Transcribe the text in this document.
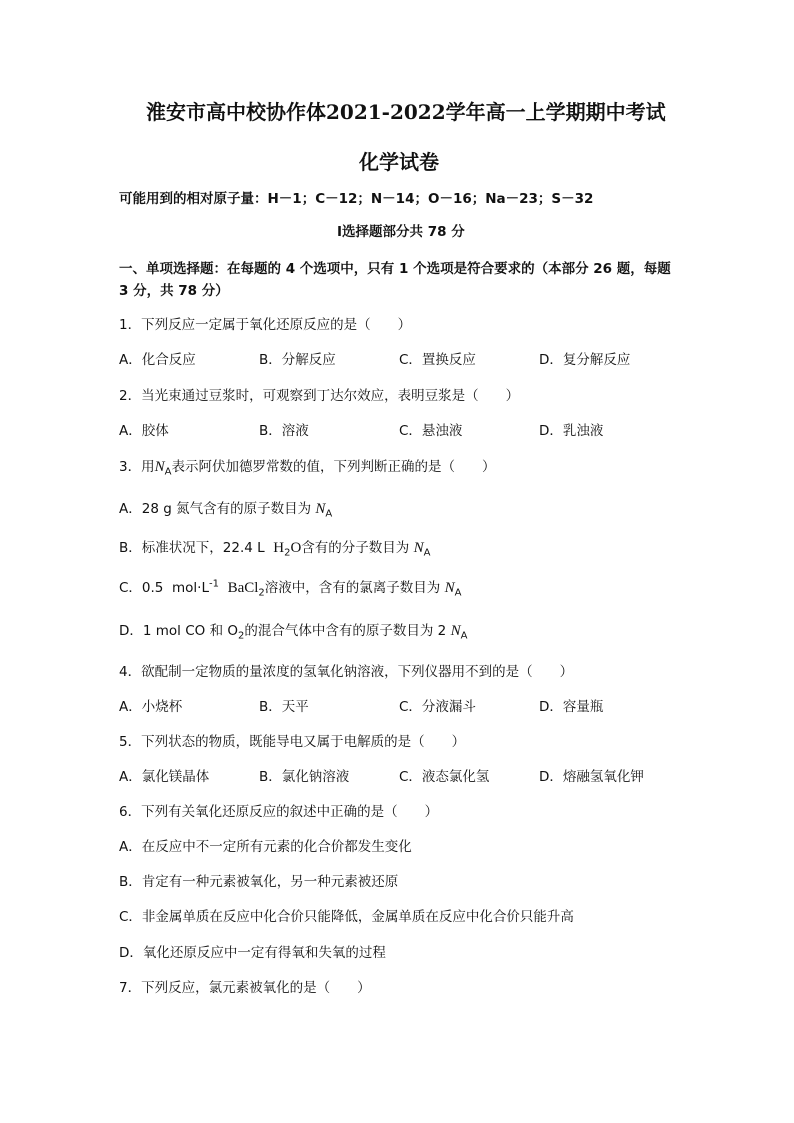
淮安市高中校协作体2021-2022学年高一上学期期中考试
化学试卷
可能用到的相对原子量：H－1；C－12；N－14；O－16；Na－23；S－32
Ⅰ选择题部分共 78 分
一、单项选择题：在每题的 4 个选项中，只有 1 个选项是符合要求的（本部分 26 题，每题
3 分，共 78 分）
1．下列反应一定属于氧化还原反应的是（　　）
A．化合反应	B．分解反应	C．置换反应	D．复分解反应
2．当光束通过豆浆时，可观察到丁达尔效应，表明豆浆是（　　）
A．胶体	B．溶液	C．悬浊液	D．乳浊液
3．用$N_A$表示阿伏加德罗常数的值，下列判断正确的是（　　）
A．28 g 氮气含有的原子数目为 $N_A$
B．标准状况下，22.4 L $H_2O$含有的分子数目为 $N_A$
C．0.5 $mol\cdot L^{-1}$ BaCl$_2$溶液中，含有的氯离子数目为 $N_A$
D．1 mol CO 和 $O_2$的混合气体中含有的原子数目为 2 $N_A$
4．欲配制一定物质的量浓度的氢氧化钠溶液，下列仪器用不到的是（　　）
A．小烧杯	B．天平	C．分液漏斗	D．容量瓶
5．下列状态的物质，既能导电又属于电解质的是（　　）
A．氯化镁晶体	B．氯化钠溶液	C．液态氯化氢	D．熔融氢氧化钾
6．下列有关氧化还原反应的叙述中正确的是（　　）
A．在反应中不一定所有元素的化合价都发生变化
B．肯定有一种元素被氧化，另一种元素被还原
C．非金属单质在反应中化合价只能降低，金属单质在反应中化合价只能升高
D．氧化还原反应中一定有得氧和失氧的过程
7．下列反应，氯元素被氧化的是（　　）
